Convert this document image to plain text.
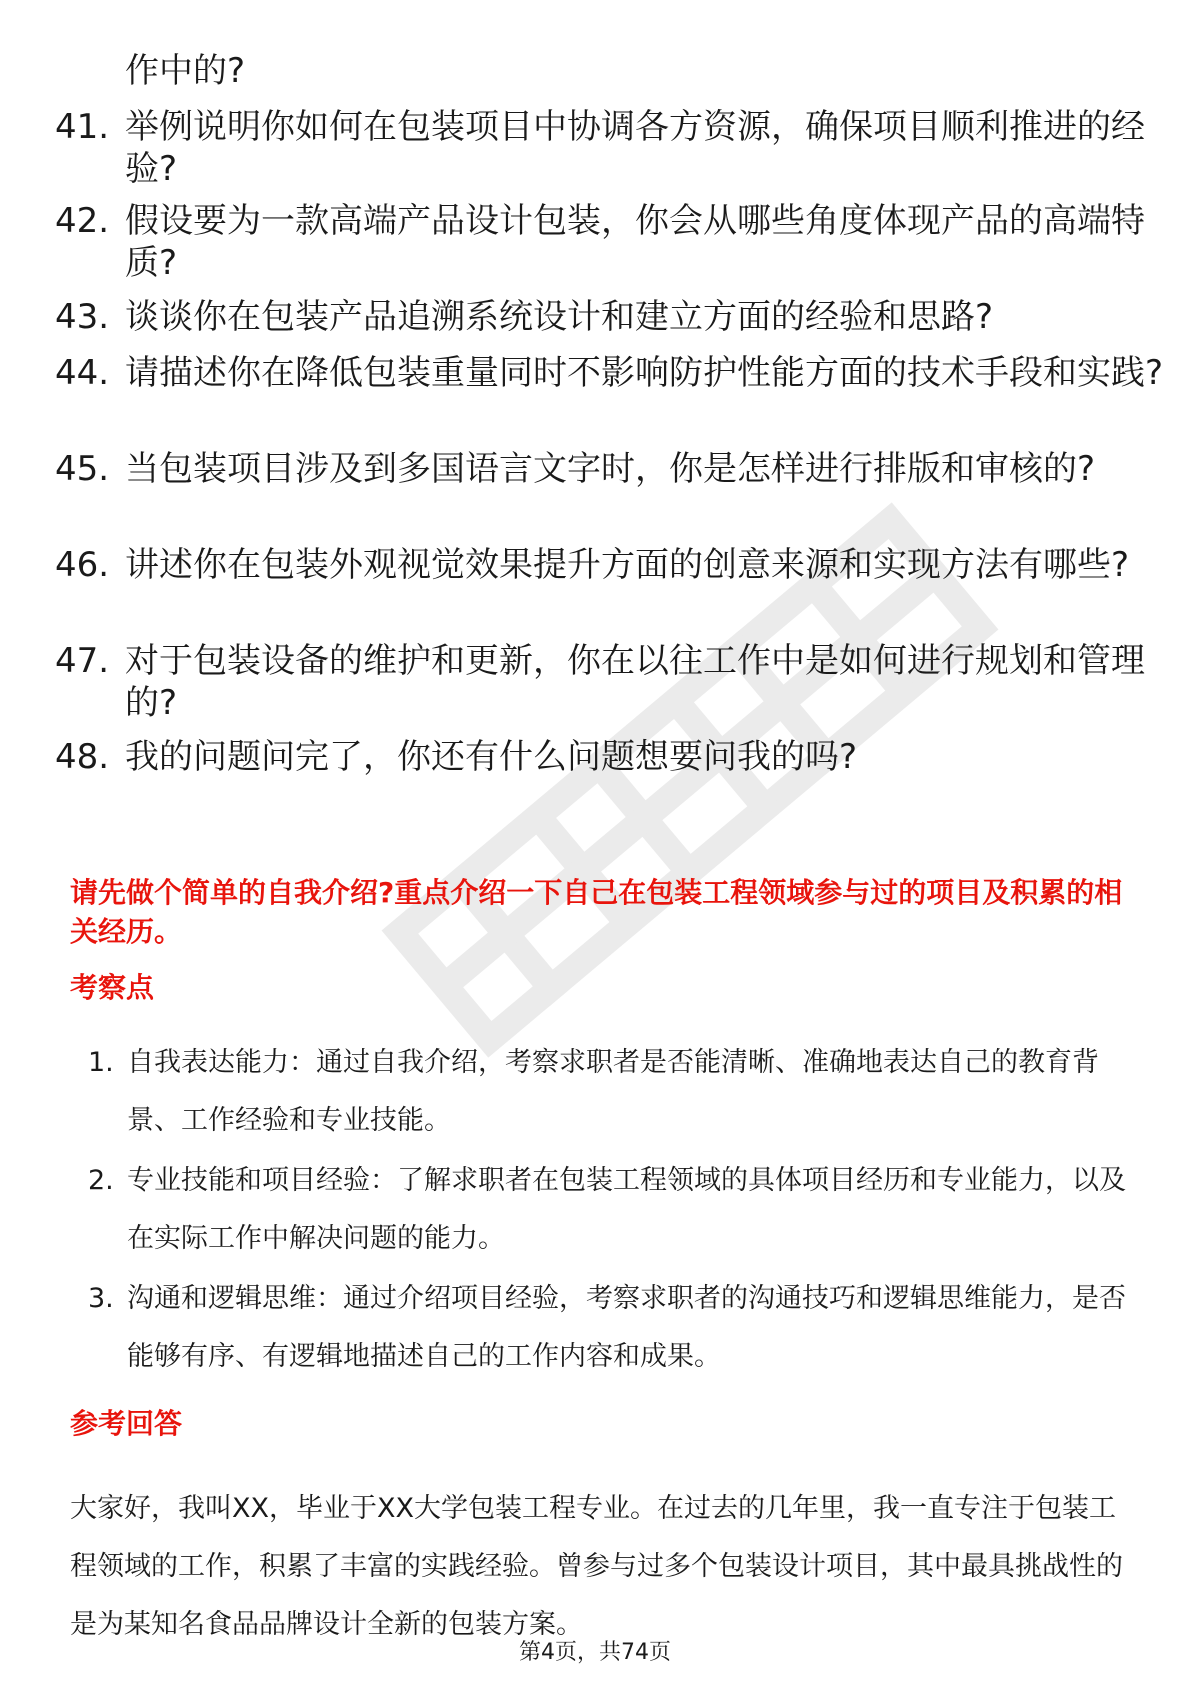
作中的?
41. 举例说明你如何在包装项目中协调各方资源，确保项目顺利推进的经验?
42. 假设要为一款高端产品设计包装，你会从哪些角度体现产品的高端特质?
43. 谈谈你在包装产品追溯系统设计和建立方面的经验和思路?
44. 请描述你在降低包装重量同时不影响防护性能方面的技术手段和实践?
45. 当包装项目涉及到多国语言文字时，你是怎样进行排版和审核的?
46. 讲述你在包装外观视觉效果提升方面的创意来源和实现方法有哪些?
47. 对于包装设备的维护和更新，你在以往工作中是如何进行规划和管理的?
48. 我的问题问完了，你还有什么问题想要问我的吗?
请先做个简单的自我介绍?重点介绍一下自己在包装工程领域参与过的项目及积累的相关经历。
考察点
1. 自我表达能力：通过自我介绍，考察求职者是否能清晰、准确地表达自己的教育背景、工作经验和专业技能。
2. 专业技能和项目经验：了解求职者在包装工程领域的具体项目经历和专业能力，以及在实际工作中解决问题的能力。
3. 沟通和逻辑思维：通过介绍项目经验，考察求职者的沟通技巧和逻辑思维能力，是否能够有序、有逻辑地描述自己的工作内容和成果。
参考回答
大家好，我叫XX，毕业于XX大学包装工程专业。在过去的几年里，我一直专注于包装工程领域的工作，积累了丰富的实践经验。曾参与过多个包装设计项目，其中最具挑战性的是为某知名食品品牌设计全新的包装方案。
第4页，共74页
